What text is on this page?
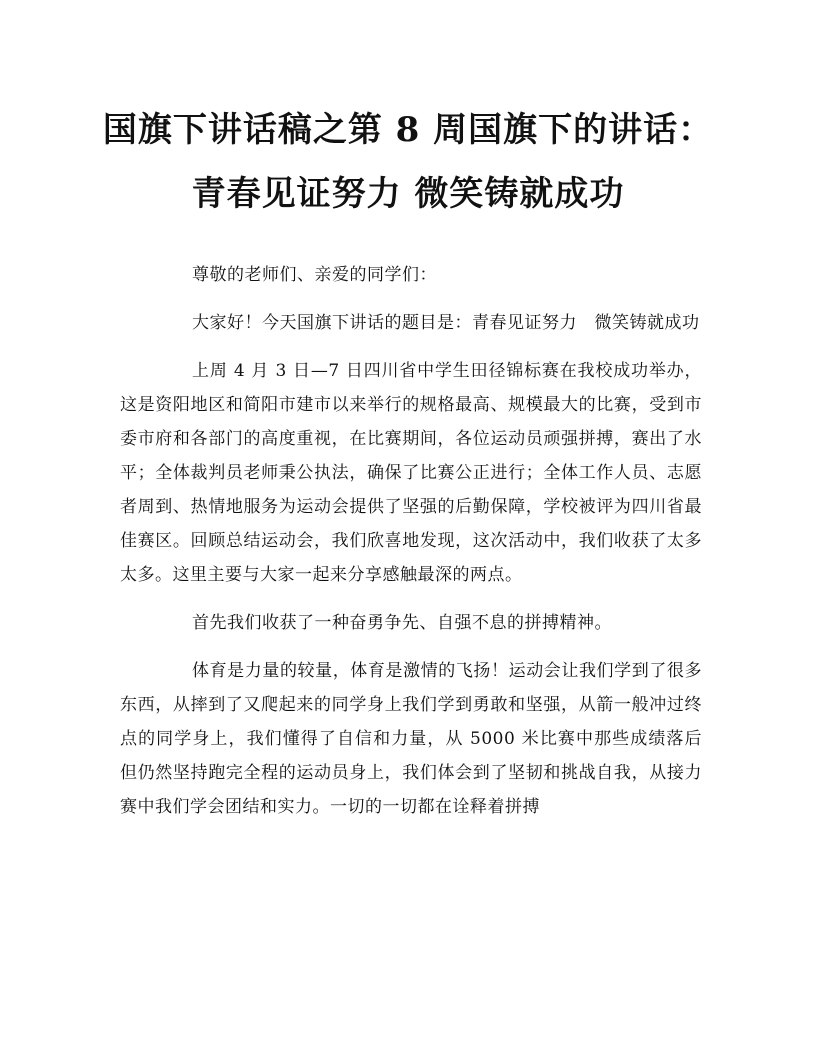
国旗下讲话稿之第 8 周国旗下的讲话：
青春见证努力 微笑铸就成功

尊敬的老师们、亲爱的同学们：

大家好！今天国旗下讲话的题目是：青春见证努力　微笑铸就成功

上周 4 月 3 日—7 日四川省中学生田径锦标赛在我校成功举办，这是资阳地区和简阳市建市以来举行的规格最高、规模最大的比赛，受到市委市府和各部门的高度重视，在比赛期间，各位运动员顽强拼搏，赛出了水平；全体裁判员老师秉公执法，确保了比赛公正进行；全体工作人员、志愿者周到、热情地服务为运动会提供了坚强的后勤保障，学校被评为四川省最佳赛区。回顾总结运动会，我们欣喜地发现，这次活动中，我们收获了太多太多。这里主要与大家一起来分享感触最深的两点。

首先我们收获了一种奋勇争先、自强不息的拼搏精神。

体育是力量的较量，体育是激情的飞扬！运动会让我们学到了很多东西，从摔到了又爬起来的同学身上我们学到勇敢和坚强，从箭一般冲过终点的同学身上，我们懂得了自信和力量，从 5000 米比赛中那些成绩落后但仍然坚持跑完全程的运动员身上，我们体会到了坚韧和挑战自我，从接力赛中我们学会团结和实力。一切的一切都在诠释着拼搏
